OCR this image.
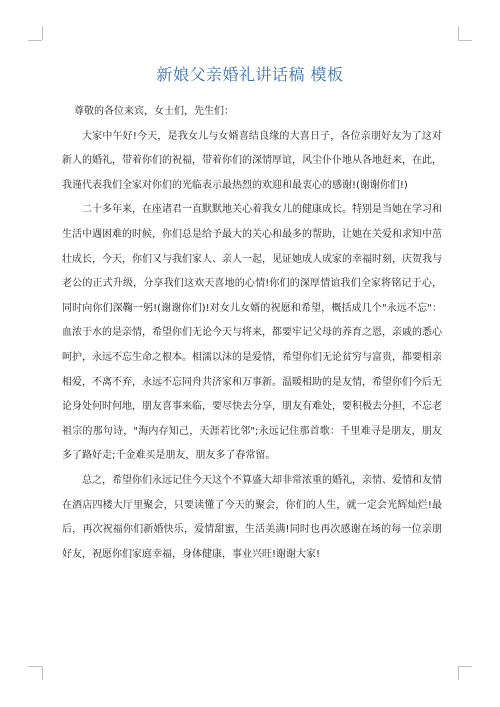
新娘父亲婚礼讲话稿 模板

尊敬的各位来宾，女士们，先生们：

大家中午好!今天，是我女儿与女婿喜结良缘的大喜日子，各位亲朋好友为了这对新人的婚礼，带着你们的祝福，带着你们的深情厚谊，风尘仆仆地从各地赶来，在此，我谨代表我们全家对你们的光临表示最热烈的欢迎和最衷心的感谢!(谢谢你们!)

二十多年来，在座诸君一直默默地关心着我女儿的健康成长。特别是当她在学习和生活中遇困难的时候，你们总是给予最大的关心和最多的帮助，让她在关爱和求知中茁壮成长，今天，你们又与我们家人、亲人一起，见证她成人成家的幸福时刻，庆贺我与老公的正式升级，分享我们这欢天喜地的心情!你们的深厚情谊我们全家将铭记于心，同时向你们深鞠一躬!(谢谢你们)!对女儿女婿的祝愿和希望，概括成几个"永远不忘"：血浓于水的是亲情，希望你们无论今天与将来，都要牢记父母的养育之恩，亲戚的悉心呵护，永远不忘生命之根本。相濡以沫的是爱情，希望你们无论贫穷与富贵，都要相亲相爱，不离不弃，永远不忘同舟共济家和万事新。温暖相助的是友情，希望你们今后无论身处何时何地，朋友喜事来临，要尽快去分享，朋友有难处，要积极去分担，不忘老祖宗的那句诗，"海内存知己，天涯若比邻";永远记住那首歌：千里难寻是朋友，朋友多了路好走;千金难买是朋友，朋友多了春常留。

总之，希望你们永远记住今天这个不算盛大却非常浓重的婚礼，亲情、爱情和友情在酒店四楼大厅里聚会，只要读懂了今天的聚会，你们的人生，就一定会光辉灿烂!最后，再次祝福你们新婚快乐，爱情甜蜜，生活美满!同时也再次感谢在场的每一位亲朋好友，祝愿你们家庭幸福，身体健康，事业兴旺!谢谢大家!
